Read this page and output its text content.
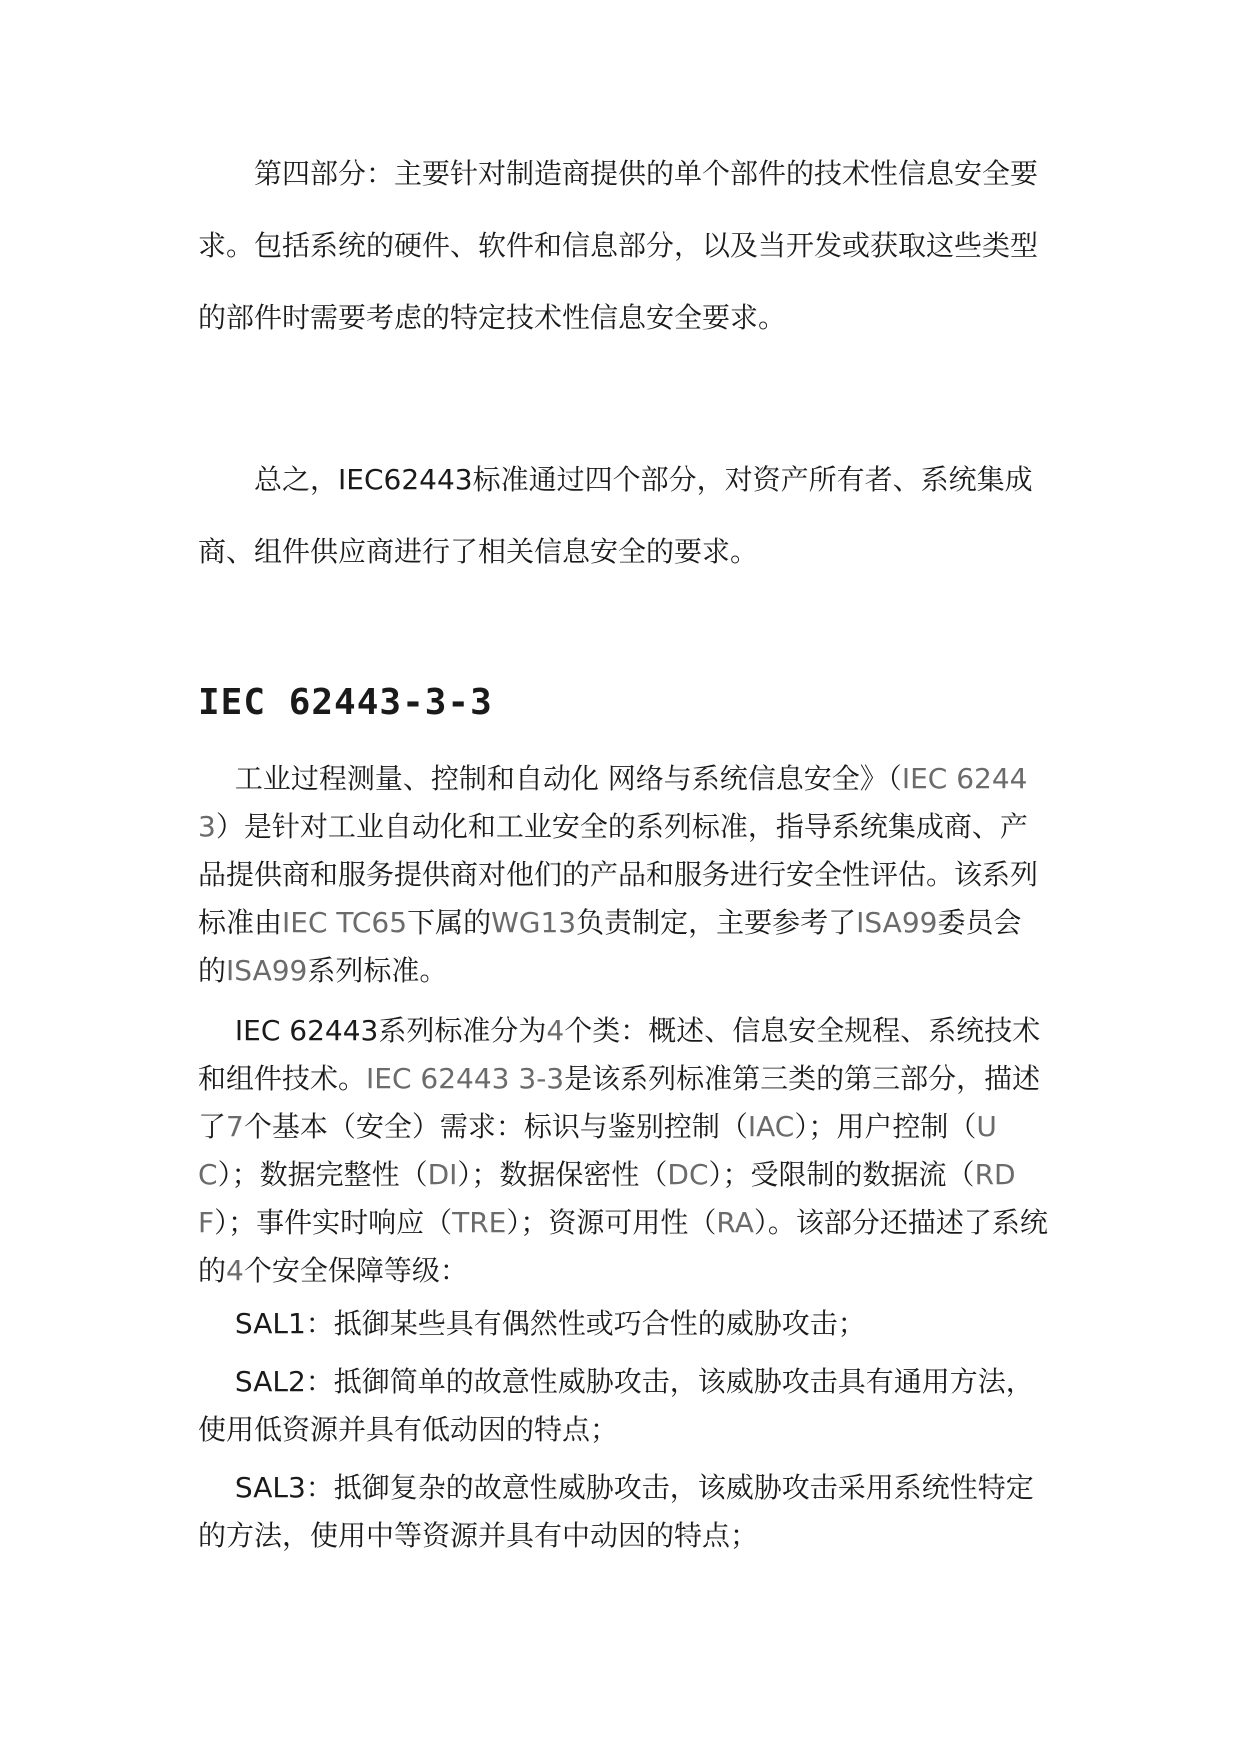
　　第四部分：主要针对制造商提供的单个部件的技术性信息安全要求。包括系统的硬件、软件和信息部分，以及当开发或获取这些类型的部件时需要考虑的特定技术性信息安全要求。

　　总之，IEC62443标准通过四个部分，对资产所有者、系统集成商、组件供应商进行了相关信息安全的要求。

IEC 62443-3-3

　 工业过程测量、控制和自动化 网络与系统信息安全》（IEC 62443）是针对工业自动化和工业安全的系列标准，指导系统集成商、产品提供商和服务提供商对他们的产品和服务进行安全性评估。该系列标准由IEC TC65下属的WG13负责制定，主要参考了ISA99委员会的ISA99系列标准。

　 IEC 62443系列标准分为4个类：概述、信息安全规程、系统技术和组件技术。IEC 62443 3-3是该系列标准第三类的第三部分，描述了7个基本（安全）需求：标识与鉴别控制（IAC）；用户控制（UC）；数据完整性（DI）；数据保密性（DC）；受限制的数据流（RDF）；事件实时响应（TRE）；资源可用性（RA）。该部分还描述了系统的4个安全保障等级：

　 SAL1：抵御某些具有偶然性或巧合性的威胁攻击；

　 SAL2：抵御简单的故意性威胁攻击，该威胁攻击具有通用方法，使用低资源并具有低动因的特点；

　 SAL3：抵御复杂的故意性威胁攻击，该威胁攻击采用系统性特定的方法，使用中等资源并具有中动因的特点；
